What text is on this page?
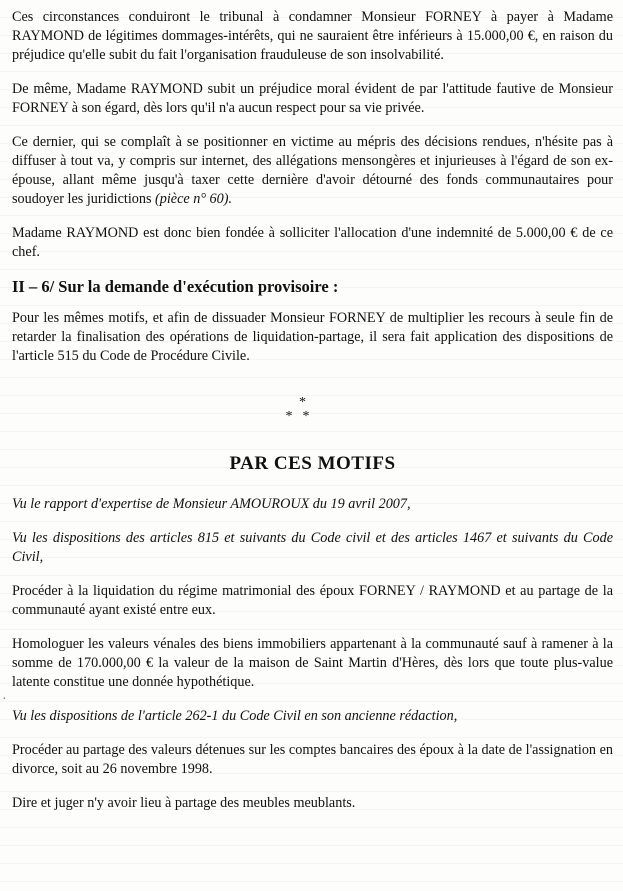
Ces circonstances conduiront le tribunal à condamner Monsieur FORNEY à payer à Madame RAYMOND de légitimes dommages-intérêts, qui ne sauraient être inférieurs à 15.000,00 €, en raison du préjudice qu'elle subit du fait l'organisation frauduleuse de son insolvabilité.

De même, Madame RAYMOND subit un préjudice moral évident de par l'attitude fautive de Monsieur FORNEY à son égard, dès lors qu'il n'a aucun respect pour sa vie privée.

Ce dernier, qui se complaît à se positionner en victime au mépris des décisions rendues, n'hésite pas à diffuser à tout va, y compris sur internet, des allégations mensongères et injurieuses à l'égard de son ex-épouse, allant même jusqu'à taxer cette dernière d'avoir détourné des fonds communautaires pour soudoyer les juridictions (pièce n° 60).

Madame RAYMOND est donc bien fondée à solliciter l'allocation d'une indemnité de 5.000,00 € de ce chef.

II – 6/ Sur la demande d'exécution provisoire :

Pour les mêmes motifs, et afin de dissuader Monsieur FORNEY de multiplier les recours à seule fin de retarder la finalisation des opérations de liquidation-partage, il sera fait application des dispositions de l'article 515 du Code de Procédure Civile.

*
**
PAR CES MOTIFS

Vu le rapport d'expertise de Monsieur AMOUROUX du 19 avril 2007,

Vu les dispositions des articles 815 et suivants du Code civil et des articles 1467 et suivants du Code Civil,

Procéder à la liquidation du régime matrimonial des époux FORNEY / RAYMOND et au partage de la communauté ayant existé entre eux.

Homologuer les valeurs vénales des biens immobiliers appartenant à la communauté sauf à ramener à la somme de 170.000,00 € la valeur de la maison de Saint Martin d'Hères, dès lors que toute plus-value latente constitue une donnée hypothétique.

Vu les dispositions de l'article 262-1 du Code Civil en son ancienne rédaction,

Procéder au partage des valeurs détenues sur les comptes bancaires des époux à la date de l'assignation en divorce, soit au 26 novembre 1998.

Dire et juger n'y avoir lieu à partage des meubles meublants.

·
